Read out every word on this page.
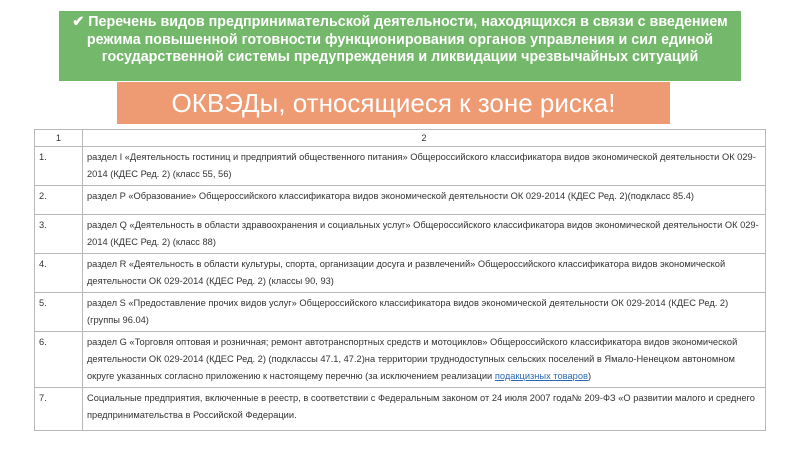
✔ Перечень видов предпринимательской деятельности, находящихся в связи с введением режима повышенной готовности функционирования органов управления и сил единой государственной системы предупреждения и ликвидации чрезвычайных ситуаций
ОКВЭДы, относящиеся к зоне риска!
1	2
1.	раздел I «Деятельность гостиниц и предприятий общественного питания» Общероссийского классификатора видов экономической деятельности ОК 029-2014 (КДЕС Ред. 2) (класс 55, 56)
2.	раздел Р «Образование» Общероссийского классификатора видов экономической деятельности ОК 029-2014 (КДЕС Ред. 2)(подкласс 85.4)
3.	раздел Q «Деятельность в области здравоохранения и социальных услуг» Общероссийского классификатора видов экономической деятельности ОК 029-2014 (КДЕС Ред. 2) (класс 88)
4.	раздел R «Деятельность в области культуры, спорта, организации досуга и развлечений» Общероссийского классификатора видов экономической деятельности ОК 029-2014 (КДЕС Ред. 2) (классы 90, 93)
5.	раздел S «Предоставление прочих видов услуг» Общероссийского классификатора видов экономической деятельности ОК 029-2014 (КДЕС Ред. 2) (группы 96.04)
6.	раздел G «Торговля оптовая и розничная; ремонт автотранспортных средств и мотоциклов» Общероссийского классификатора видов экономической деятельности ОК 029-2014 (КДЕС Ред. 2) (подклассы 47.1, 47.2)на территории труднодоступных сельских поселений в Ямало-Ненецком автономном округе указанных согласно приложению к настоящему перечню (за исключением реализации подакцизных товаров)
7.	Социальные предприятия, включенные в реестр, в соответствии с Федеральным законом от 24 июля 2007 года№ 209-ФЗ «О развитии малого и среднего предпринимательства в Российской Федерации.
